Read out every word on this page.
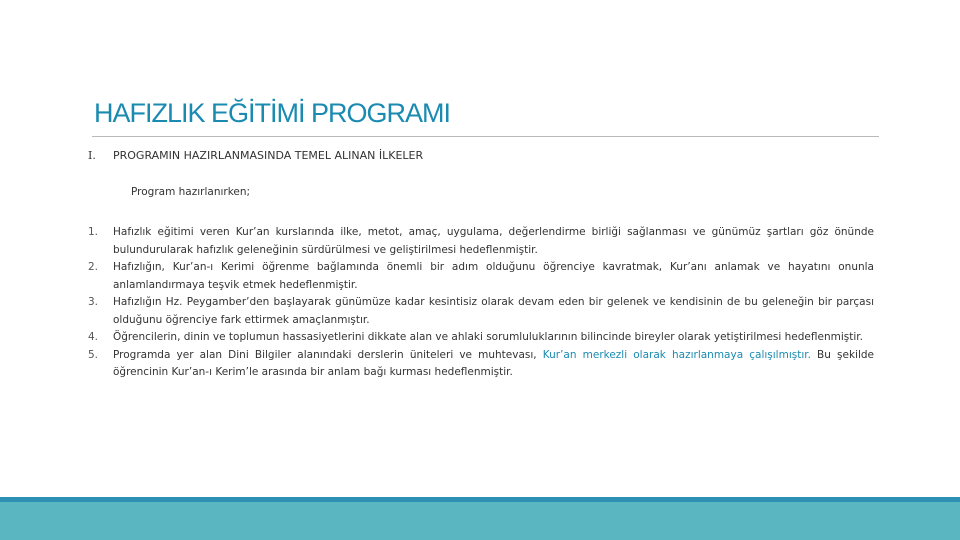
HAFIZLIK EĞİTİMİ PROGRAMI
I. PROGRAMIN HAZIRLANMASINDA TEMEL ALINAN İLKELER
Program hazırlanırken;
1. Hafızlık eğitimi veren Kur’an kurslarında ilke, metot, amaç, uygulama, değerlendirme birliği sağlanması ve günümüz şartları göz önünde bulundurularak hafızlık geleneğinin sürdürülmesi ve geliştirilmesi hedeflenmiştir.
2. Hafızlığın, Kur’an-ı Kerimi öğrenme bağlamında önemli bir adım olduğunu öğrenciye kavratmak, Kur’anı anlamak ve hayatını onunla anlamlandırmaya teşvik etmek hedeflenmiştir.
3. Hafızlığın Hz. Peygamber’den başlayarak günümüze kadar kesintisiz olarak devam eden bir gelenek ve kendisinin de bu geleneğin bir parçası olduğunu öğrenciye fark ettirmek amaçlanmıştır.
4. Öğrencilerin, dinin ve toplumun hassasiyetlerini dikkate alan ve ahlaki sorumluluklarının bilincinde bireyler olarak yetiştirilmesi hedeflenmiştir.
5. Programda yer alan Dini Bilgiler alanındaki derslerin üniteleri ve muhtevası, Kur’an merkezli olarak hazırlanmaya çalışılmıştır. Bu şekilde öğrencinin Kur’an-ı Kerim’le arasında bir anlam bağı kurması hedeflenmiştir.
